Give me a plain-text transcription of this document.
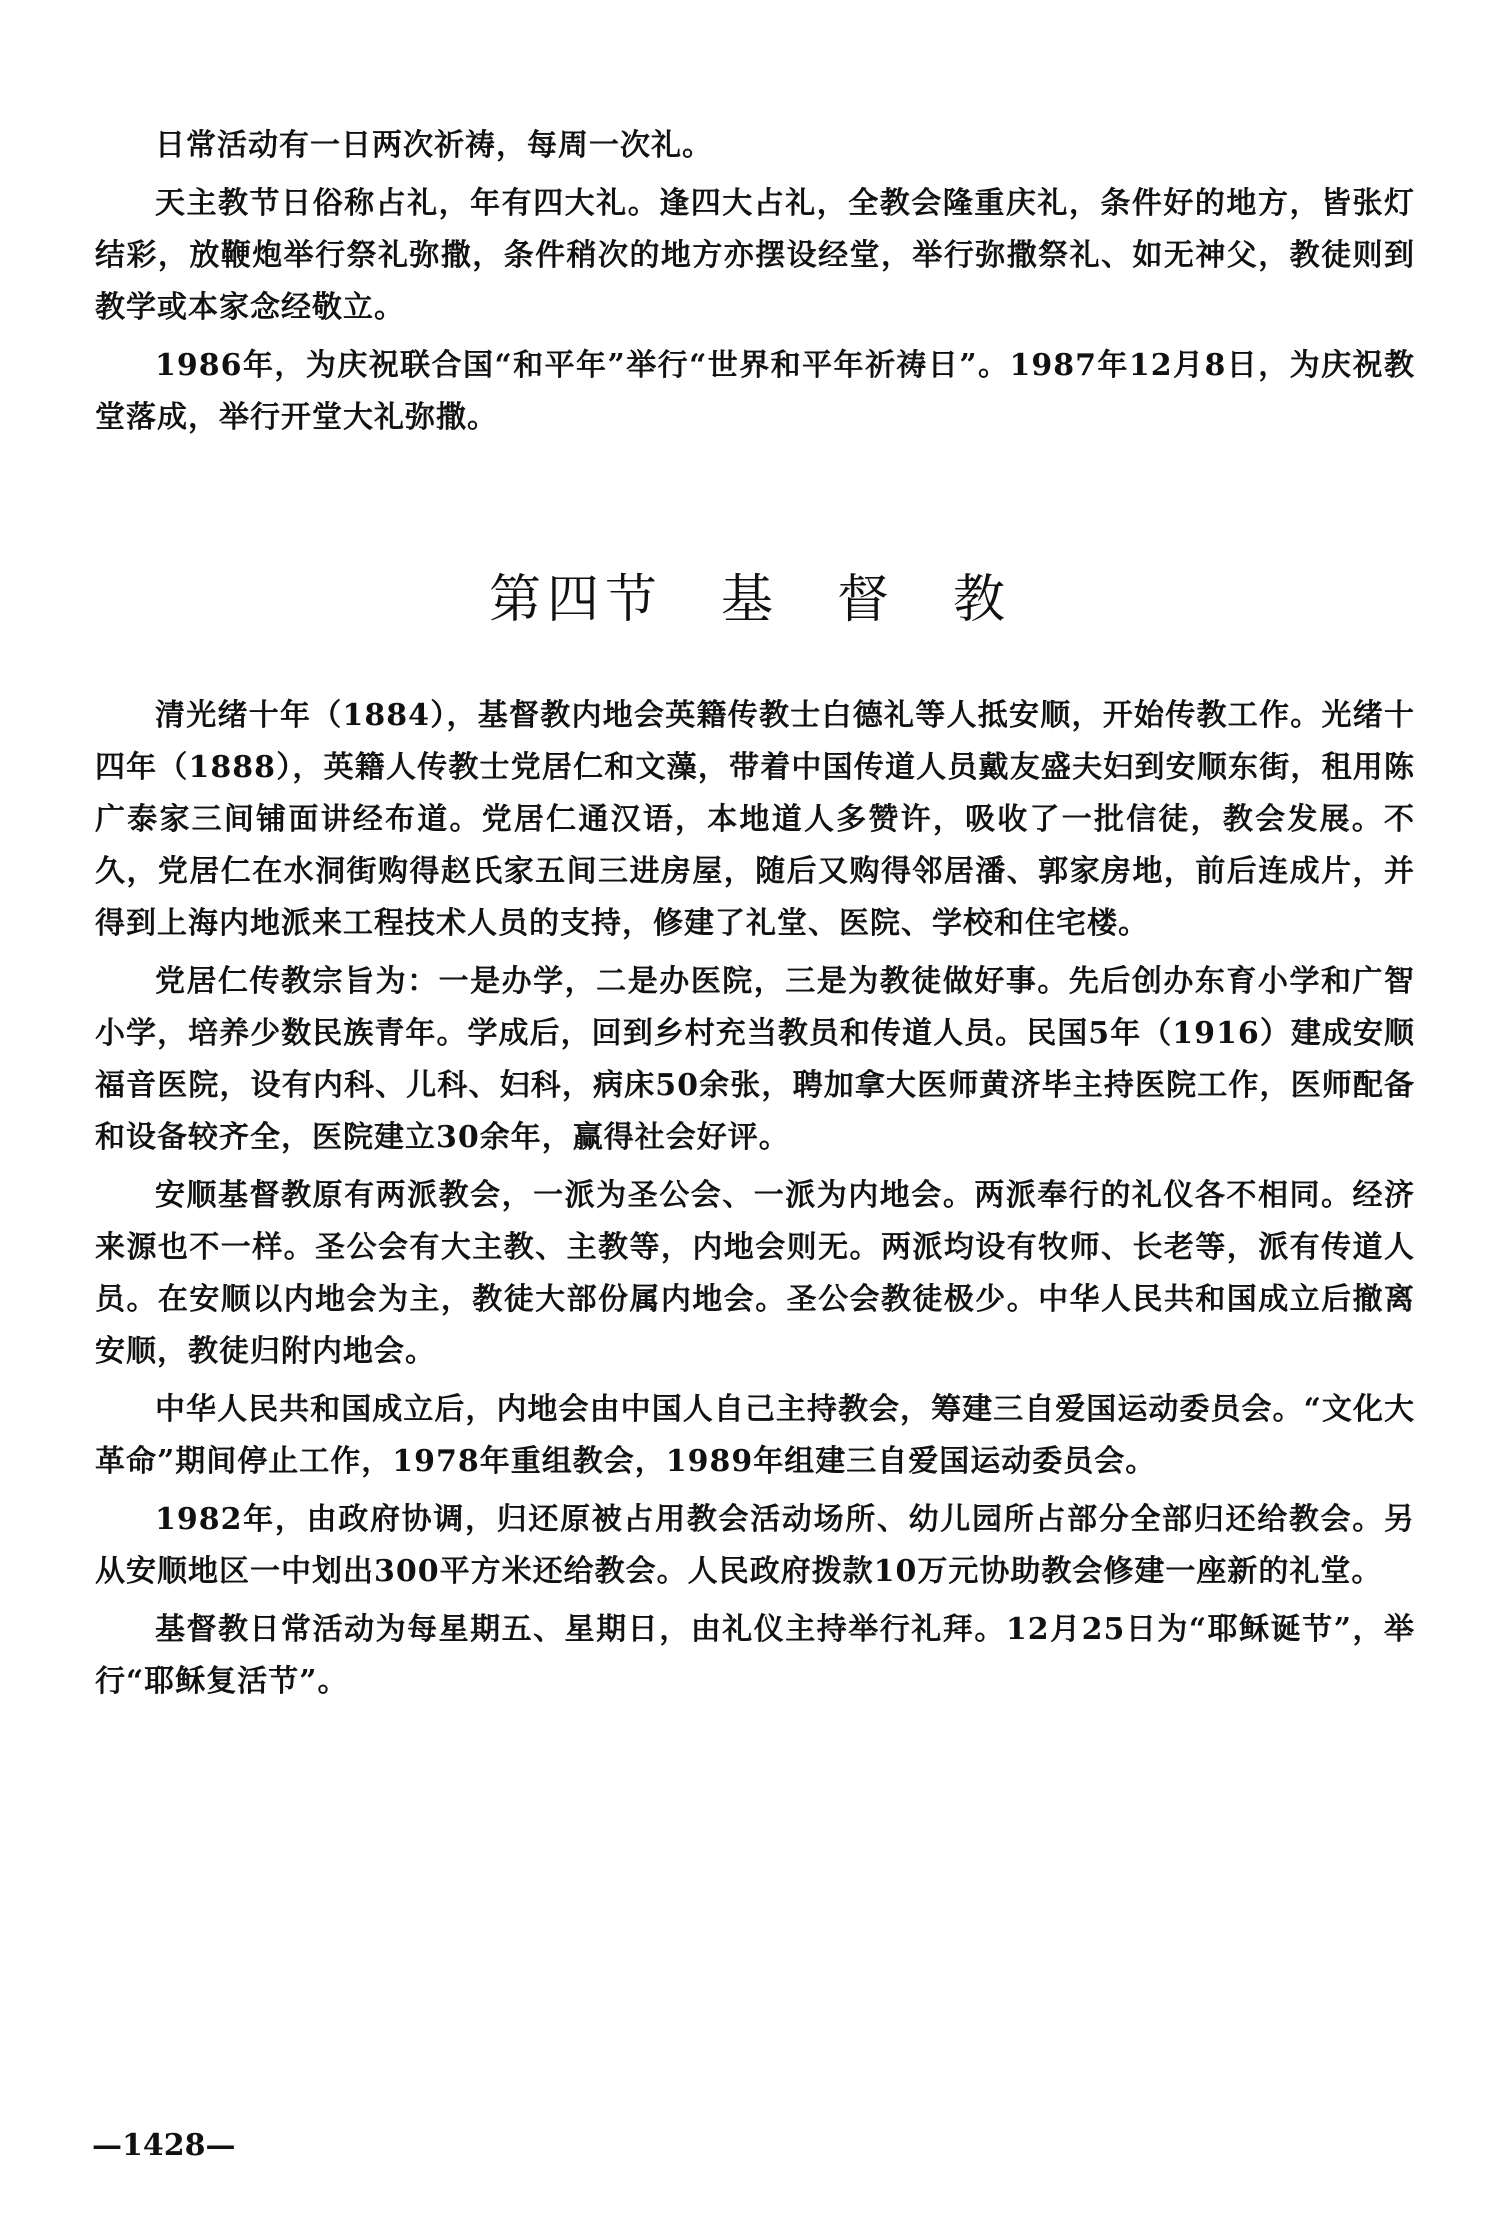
日常活动有一日两次祈祷，每周一次礼。

天主教节日俗称占礼，年有四大礼。逢四大占礼，全教会隆重庆礼，条件好的地方，皆张灯结彩，放鞭炮举行祭礼弥撒，条件稍次的地方亦摆设经堂，举行弥撒祭礼、如无神父，教徒则到教学或本家念经敬立。

1986年，为庆祝联合国“和平年”举行“世界和平年祈祷日”。1987年12月8日，为庆祝教堂落成，举行开堂大礼弥撒。

第四节　基　督　教

清光绪十年（1884），基督教内地会英籍传教士白德礼等人抵安顺，开始传教工作。光绪十四年（1888），英籍人传教士党居仁和文藻，带着中国传道人员戴友盛夫妇到安顺东街，租用陈广泰家三间铺面讲经布道。党居仁通汉语，本地道人多赞许，吸收了一批信徒，教会发展。不久，党居仁在水洞街购得赵氏家五间三进房屋，随后又购得邻居潘、郭家房地，前后连成片，并得到上海内地派来工程技术人员的支持，修建了礼堂、医院、学校和住宅楼。

党居仁传教宗旨为：一是办学，二是办医院，三是为教徒做好事。先后创办东育小学和广智小学，培养少数民族青年。学成后，回到乡村充当教员和传道人员。民国5年（1916）建成安顺福音医院，设有内科、儿科、妇科，病床50余张，聘加拿大医师黄济毕主持医院工作，医师配备和设备较齐全，医院建立30余年，赢得社会好评。

安顺基督教原有两派教会，一派为圣公会、一派为内地会。两派奉行的礼仪各不相同。经济来源也不一样。圣公会有大主教、主教等，内地会则无。两派均设有牧师、长老等，派有传道人员。在安顺以内地会为主，教徒大部份属内地会。圣公会教徒极少。中华人民共和国成立后撤离安顺，教徒归附内地会。

中华人民共和国成立后，内地会由中国人自己主持教会，筹建三自爱国运动委员会。“文化大革命”期间停止工作，1978年重组教会，1989年组建三自爱国运动委员会。

1982年，由政府协调，归还原被占用教会活动场所、幼儿园所占部分全部归还给教会。另从安顺地区一中划出300平方米还给教会。人民政府拨款10万元协助教会修建一座新的礼堂。

基督教日常活动为每星期五、星期日，由礼仪主持举行礼拜。12月25日为“耶稣诞节”，举行“耶稣复活节”。

—1428—
